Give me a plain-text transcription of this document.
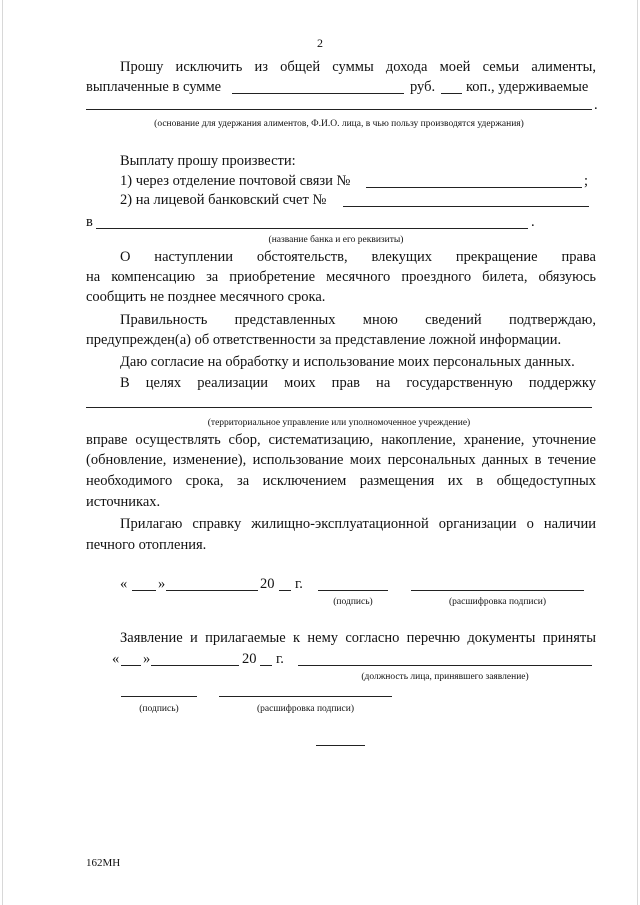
2
Прошу исключить из общей суммы дохода моей семьи алименты,
выплаченные в сумме	руб. коп., удерживаемые
.
(основание для удержания алиментов, Ф.И.О. лица, в чью пользу производятся удержания)
Выплату прошу произвести:
1) через отделение почтовой связи №	;
2) на лицевой банковский счет №
в	.
(название банка и его реквизиты)
О наступлении обстоятельств, влекущих прекращение права
на компенсацию за приобретение месячного проездного билета, обязуюсь
сообщить не позднее месячного срока.
Правильность представленных мною сведений подтверждаю,
предупрежден(а) об ответственности за представление ложной информации.
Даю согласие на обработку и использование моих персональных данных.
В целях реализации моих прав на государственную поддержку
(территориальное управление или уполномоченное учреждение)
вправе осуществлять сбор, систематизацию, накопление, хранение, уточнение
(обновление, изменение), использование моих персональных данных в течение
необходимого срока, за исключением размещения их в общедоступных
источниках.
Прилагаю справку жилищно-эксплуатационной организации о наличии
печного отопления.
« »	20 г.
(подпись)	(расшифровка подписи)
Заявление и прилагаемые к нему согласно перечню документы приняты
« »	20 г.
(должность лица, принявшего заявление)
(подпись)	(расшифровка подписи)
162МН
